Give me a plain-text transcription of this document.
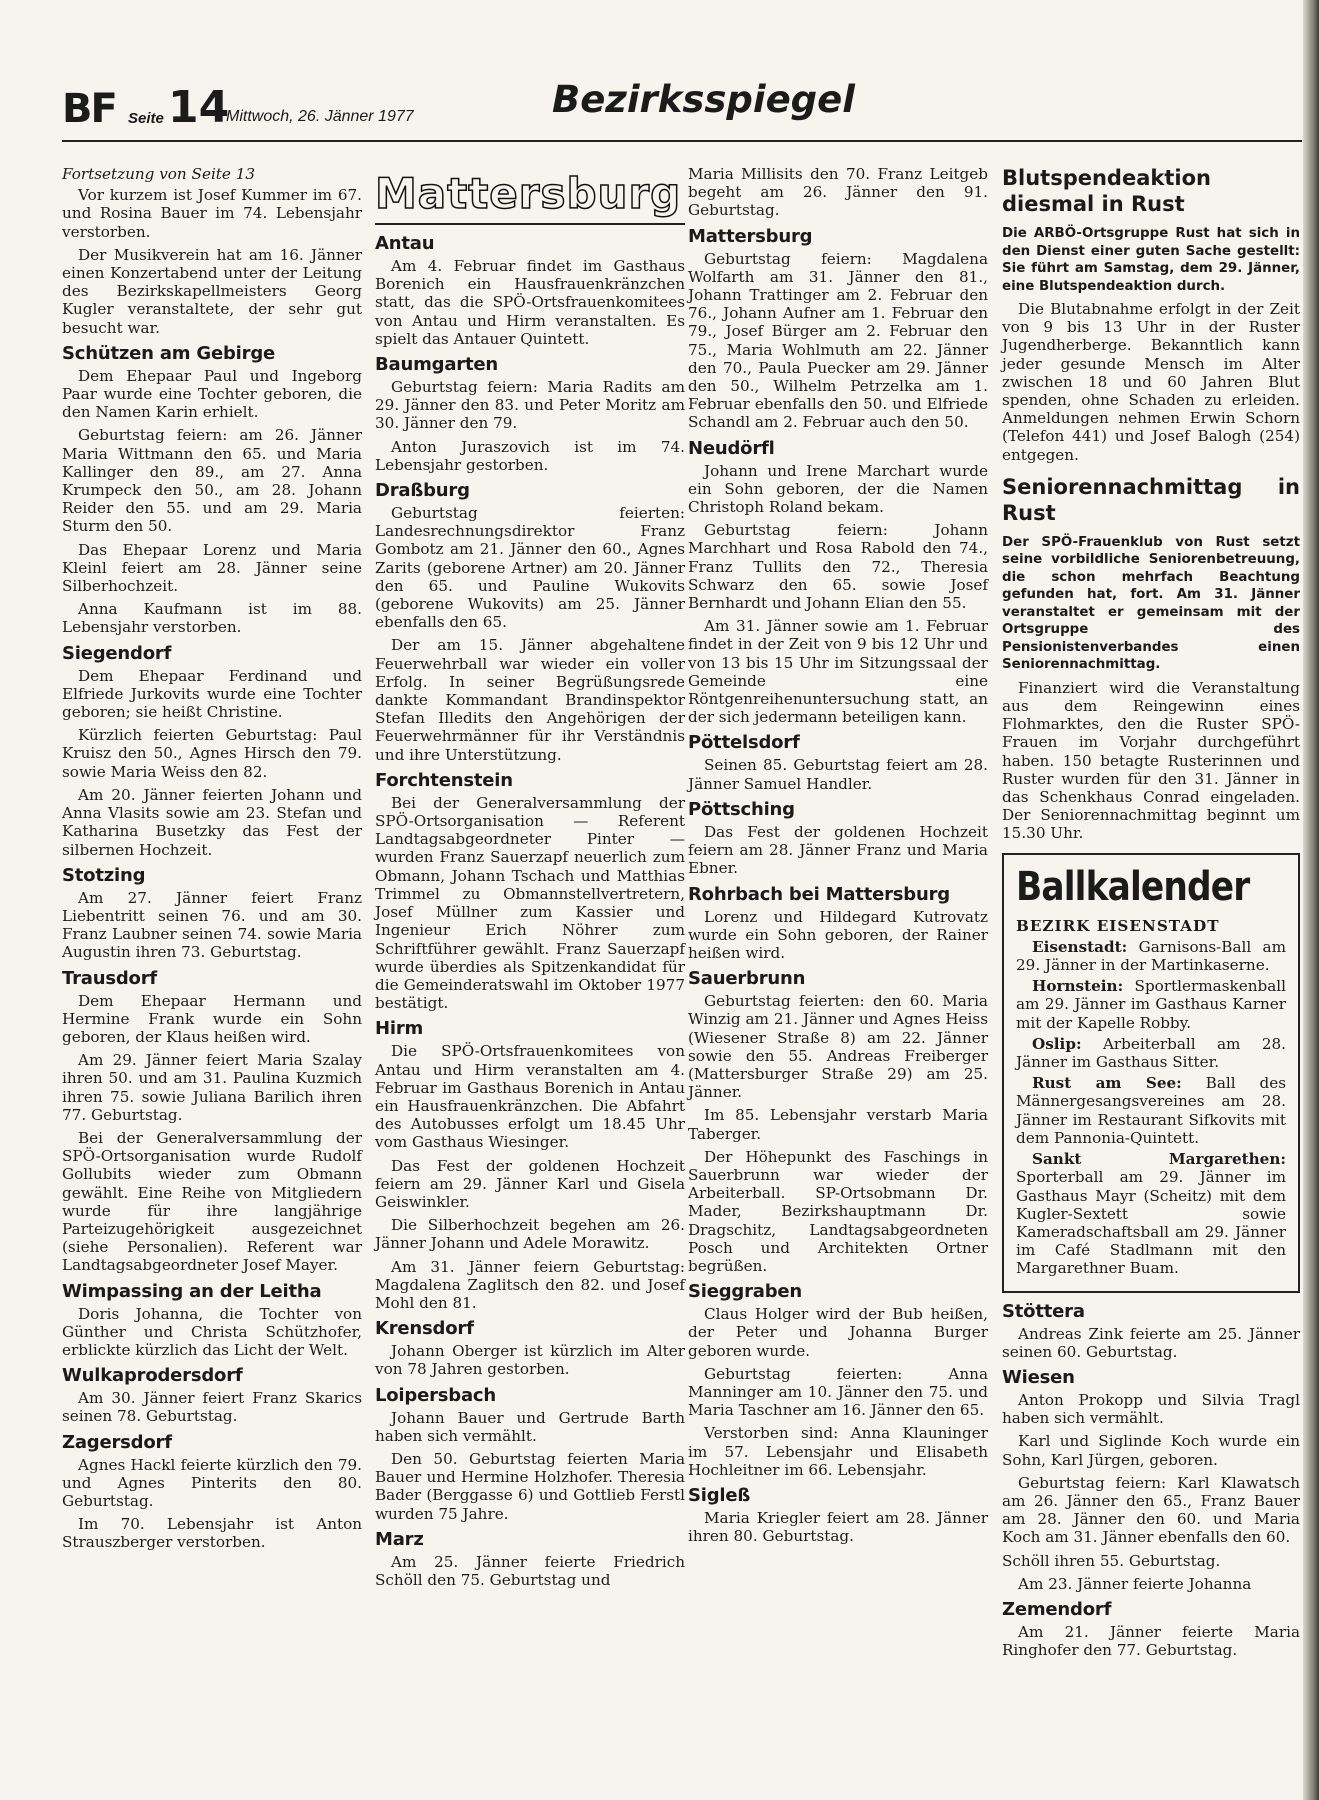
BF Seite 14
Mittwoch, 26. Jänner 1977	Bezirksspiegel

Fortsetzung von Seite 13

Vor kurzem ist Josef Kummer im 67. und Rosina Bauer im 74. Lebensjahr verstorben.

Der Musikverein hat am 16. Jänner einen Konzertabend unter der Leitung des Bezirkskapellmeisters Georg Kugler veranstaltete, der sehr gut besucht war.

Schützen am Gebirge

Dem Ehepaar Paul und Ingeborg Paar wurde eine Tochter geboren, die den Namen Karin erhielt.

Geburtstag feiern: am 26. Jänner Maria Wittmann den 65. und Maria Kallinger den 89., am 27. Anna Krumpeck den 50., am 28. Johann Reider den 55. und am 29. Maria Sturm den 50.

Das Ehepaar Lorenz und Maria Kleinl feiert am 28. Jänner seine Silberhochzeit.

Anna Kaufmann ist im 88. Lebensjahr verstorben.

Siegendorf

Dem Ehepaar Ferdinand und Elfriede Jurkovits wurde eine Tochter geboren; sie heißt Christine.

Kürzlich feierten Geburtstag: Paul Kruisz den 50., Agnes Hirsch den 79. sowie Maria Weiss den 82.

Am 20. Jänner feierten Johann und Anna Vlasits sowie am 23. Stefan und Katharina Busetzky das Fest der silbernen Hochzeit.

Stotzing

Am 27. Jänner feiert Franz Liebentritt seinen 76. und am 30. Franz Laubner seinen 74. sowie Maria Augustin ihren 73. Geburtstag.

Trausdorf

Dem Ehepaar Hermann und Hermine Frank wurde ein Sohn geboren, der Klaus heißen wird.

Am 29. Jänner feiert Maria Szalay ihren 50. und am 31. Paulina Kuzmich ihren 75. sowie Juliana Barilich ihren 77. Geburtstag.

Bei der Generalversammlung der SPÖ-Ortsorganisation wurde Rudolf Gollubits wieder zum Obmann gewählt. Eine Reihe von Mitgliedern wurde für ihre langjährige Parteizugehörigkeit ausgezeichnet (siehe Personalien). Referent war Landtagsabgeordneter Josef Mayer.

Wimpassing an der Leitha

Doris Johanna, die Tochter von Günther und Christa Schützhofer, erblickte kürzlich das Licht der Welt.

Wulkaprodersdorf

Am 30. Jänner feiert Franz Skarics seinen 78. Geburtstag.

Zagersdorf

Agnes Hackl feierte kürzlich den 79. und Agnes Pinterits den 80. Geburtstag.

Im 70. Lebensjahr ist Anton Strauszberger verstorben.

Mattersburg
Antau

Am 4. Februar findet im Gasthaus Borenich ein Hausfrauenkränzchen statt, das die SPÖ-Ortsfrauenkomitees von Antau und Hirm veranstalten. Es spielt das Antauer Quintett.

Baumgarten

Geburtstag feiern: Maria Radits am 29. Jänner den 83. und Peter Moritz am 30. Jänner den 79.

Anton Juraszovich ist im 74. Lebensjahr gestorben.

Draßburg

Geburtstag feierten: Landesrechnungsdirektor Franz Gombotz am 21. Jänner den 60., Agnes Zarits (geborene Artner) am 20. Jänner den 65. und Pauline Wukovits (geborene Wukovits) am 25. Jänner ebenfalls den 65.

Der am 15. Jänner abgehaltene Feuerwehrball war wieder ein voller Erfolg. In seiner Begrüßungsrede dankte Kommandant Brandinspektor Stefan Illedits den Angehörigen der Feuerwehrmänner für ihr Verständnis und ihre Unterstützung.

Forchtenstein

Bei der Generalversammlung der SPÖ-Ortsorganisation — Referent Landtagsabgeordneter Pinter — wurden Franz Sauerzapf neuerlich zum Obmann, Johann Tschach und Matthias Trimmel zu Obmannstellvertretern, Josef Müllner zum Kassier und Ingenieur Erich Nöhrer zum Schriftführer gewählt. Franz Sauerzapf wurde überdies als Spitzenkandidat für die Gemeinderatswahl im Oktober 1977 bestätigt.

Hirm

Die SPÖ-Ortsfrauenkomitees von Antau und Hirm veranstalten am 4. Februar im Gasthaus Borenich in Antau ein Hausfrauenkränzchen. Die Abfahrt des Autobusses erfolgt um 18.45 Uhr vom Gasthaus Wiesinger.

Das Fest der goldenen Hochzeit feiern am 29. Jänner Karl und Gisela Geiswinkler.

Die Silberhochzeit begehen am 26. Jänner Johann und Adele Morawitz.

Am 31. Jänner feiern Geburtstag: Magdalena Zaglitsch den 82. und Josef Mohl den 81.

Krensdorf

Johann Oberger ist kürzlich im Alter von 78 Jahren gestorben.

Loipersbach

Johann Bauer und Gertrude Barth haben sich vermählt.

Den 50. Geburtstag feierten Maria Bauer und Hermine Holzhofer. Theresia Bader (Berggasse 6) und Gottlieb Ferstl wurden 75 Jahre.

Marz

Am 25. Jänner feierte Friedrich Schöll den 75. Geburtstag und

Maria Millisits den 70. Franz Leitgeb begeht am 26. Jänner den 91. Geburtstag.

Mattersburg

Geburtstag feiern: Magdalena Wolfarth am 31. Jänner den 81., Johann Trattinger am 2. Februar den 76., Johann Aufner am 1. Februar den 79., Josef Bürger am 2. Februar den 75., Maria Wohlmuth am 22. Jänner den 70., Paula Puecker am 29. Jänner den 50., Wilhelm Petrzelka am 1. Februar ebenfalls den 50. und Elfriede Schandl am 2. Februar auch den 50.

Neudörfl

Johann und Irene Marchart wurde ein Sohn geboren, der die Namen Christoph Roland bekam.

Geburtstag feiern: Johann Marchhart und Rosa Rabold den 74., Franz Tullits den 72., Theresia Schwarz den 65. sowie Josef Bernhardt und Johann Elian den 55.

Am 31. Jänner sowie am 1. Februar findet in der Zeit von 9 bis 12 Uhr und von 13 bis 15 Uhr im Sitzungssaal der Gemeinde eine Röntgenreihenuntersuchung statt, an der sich jedermann beteiligen kann.

Pöttelsdorf

Seinen 85. Geburtstag feiert am 28. Jänner Samuel Handler.

Pöttsching

Das Fest der goldenen Hochzeit feiern am 28. Jänner Franz und Maria Ebner.

Rohrbach bei Mattersburg

Lorenz und Hildegard Kutrovatz wurde ein Sohn geboren, der Rainer heißen wird.

Sauerbrunn

Geburtstag feierten: den 60. Maria Winzig am 21. Jänner und Agnes Heiss (Wiesener Straße 8) am 22. Jänner sowie den 55. Andreas Freiberger (Mattersburger Straße 29) am 25. Jänner.

Im 85. Lebensjahr verstarb Maria Taberger.

Der Höhepunkt des Faschings in Sauerbrunn war wieder der Arbeiterball. SP-Ortsobmann Dr. Mader, Bezirkshauptmann Dr. Dragschitz, Landtagsabgeordneten Posch und Architekten Ortner begrüßen.

Sieggraben

Claus Holger wird der Bub heißen, der Peter und Johanna Burger geboren wurde.

Geburtstag feierten: Anna Manninger am 10. Jänner den 75. und Maria Taschner am 16. Jänner den 65.

Verstorben sind: Anna Klauninger im 57. Lebensjahr und Elisabeth Hochleitner im 66. Lebensjahr.

Sigleß

Maria Kriegler feiert am 28. Jänner ihren 80. Geburtstag.

Blutspendeaktion diesmal in Rust

Die ARBÖ-Ortsgruppe Rust hat sich in den Dienst einer guten Sache gestellt: Sie führt am Samstag, dem 29. Jänner, eine Blutspendeaktion durch.

Die Blutabnahme erfolgt in der Zeit von 9 bis 13 Uhr in der Ruster Jugendherberge. Bekanntlich kann jeder gesunde Mensch im Alter zwischen 18 und 60 Jahren Blut spenden, ohne Schaden zu erleiden. Anmeldungen nehmen Erwin Schorn (Telefon 441) und Josef Balogh (254) entgegen.

Seniorennachmittag in Rust

Der SPÖ-Frauenklub von Rust setzt seine vorbildliche Seniorenbetreuung, die schon mehrfach Beachtung gefunden hat, fort. Am 31. Jänner veranstaltet er gemeinsam mit der Ortsgruppe des Pensionistenverbandes einen Seniorennachmittag.

Finanziert wird die Veranstaltung aus dem Reingewinn eines Flohmarktes, den die Ruster SPÖ-Frauen im Vorjahr durchgeführt haben. 150 betagte Rusterinnen und Ruster wurden für den 31. Jänner in das Schenkhaus Conrad eingeladen. Der Seniorennachmittag beginnt um 15.30 Uhr.

Ballkalender

BEZIRK EISENSTADT

Eisenstadt: Garnisons-Ball am 29. Jänner in der Martinkaserne.

Hornstein: Sportlermaskenball am 29. Jänner im Gasthaus Karner mit der Kapelle Robby.

Oslip: Arbeiterball am 28. Jänner im Gasthaus Sitter.

Rust am See: Ball des Männergesangsvereines am 28. Jänner im Restaurant Sifkovits mit dem Pannonia-Quintett.

Sankt Margarethen: Sporterball am 29. Jänner im Gasthaus Mayr (Scheitz) mit dem Kugler-Sextett sowie Kameradschaftsball am 29. Jänner im Café Stadlmann mit den Margarethner Buam.

Stöttera

Andreas Zink feierte am 25. Jänner seinen 60. Geburtstag.

Wiesen

Anton Prokopp und Silvia Tragl haben sich vermählt.

Karl und Siglinde Koch wurde ein Sohn, Karl Jürgen, geboren.

Geburtstag feiern: Karl Klawatsch am 26. Jänner den 65., Franz Bauer am 28. Jänner den 60. und Maria Koch am 31. Jänner ebenfalls den 60.

Schöll ihren 55. Geburtstag.

Am 23. Jänner feierte Johanna

Zemendorf

Am 21. Jänner feierte Maria Ringhofer den 77. Geburtstag.
